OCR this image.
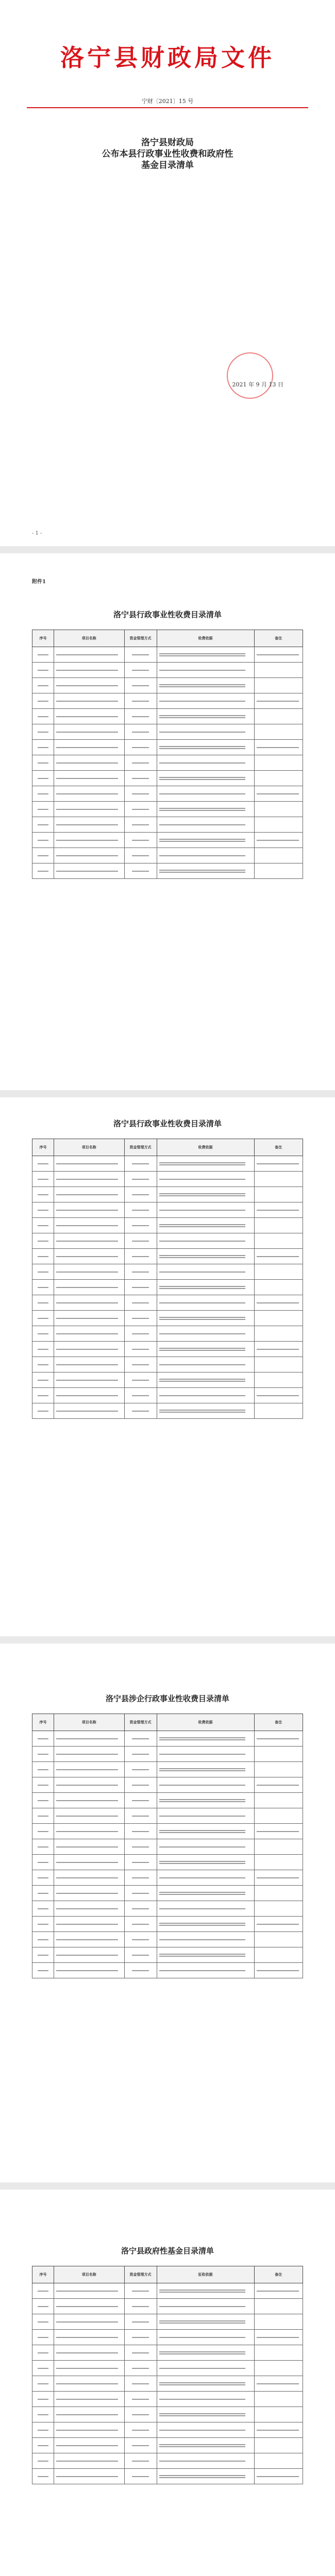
洛宁县财政局文件
宁财〔2021〕15 号
洛宁县财政局
公布本县行政事业性收费和政府性
基金目录清单
2021 年 9 月 13 日
- 1 -
附件1
洛宁县行政事业性收费目录清单
序号	项目名称	资金管理方式	收费依据	备注

洛宁县行政事业性收费目录清单
序号	项目名称	资金管理方式	收费依据	备注

洛宁县涉企行政事业性收费目录清单
序号	项目名称	资金管理方式	收费依据	备注

洛宁县政府性基金目录清单
序号	项目名称	资金管理方式	征收依据	备注
